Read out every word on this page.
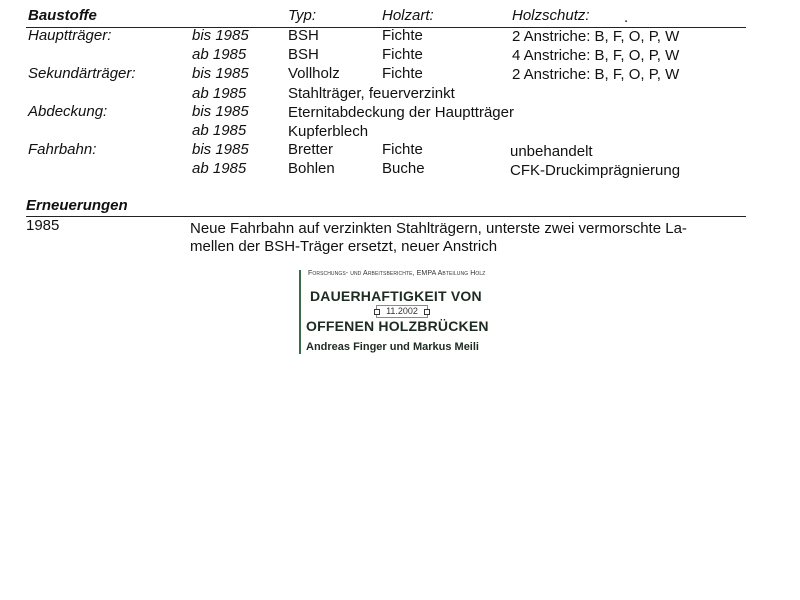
Baustoffe	Typ:	Holzart:	Holzschutz: .
Hauptträger:	bis 1985	BSH	Fichte	2 Anstriche: B, F, O, P, W
ab 1985	BSH	Fichte	4 Anstriche: B, F, O, P, W
Sekundärträger:	bis 1985	Vollholz	Fichte	2 Anstriche: B, F, O, P, W
ab 1985	Stahlträger, feuerverzinkt
Abdeckung:	bis 1985	Eternitabdeckung der Hauptträger
ab 1985	Kupferblech
Fahrbahn:	bis 1985	Bretter	Fichte	unbehandelt
ab 1985	Bohlen	Buche	CFK-Druckimprägnierung
Erneuerungen
1985	Neue Fahrbahn auf verzinkten Stahlträgern, unterste zwei vermorschte La-
mellen der BSH-Träger ersetzt, neuer Anstrich
Forschungs- und Arbeitsberichte, EMPA Abteilung Holz
DAUERHAFTIGKEIT VON
OFFENEN HOLZBRÜCKEN
Andreas Finger und Markus Meili
11.2002
